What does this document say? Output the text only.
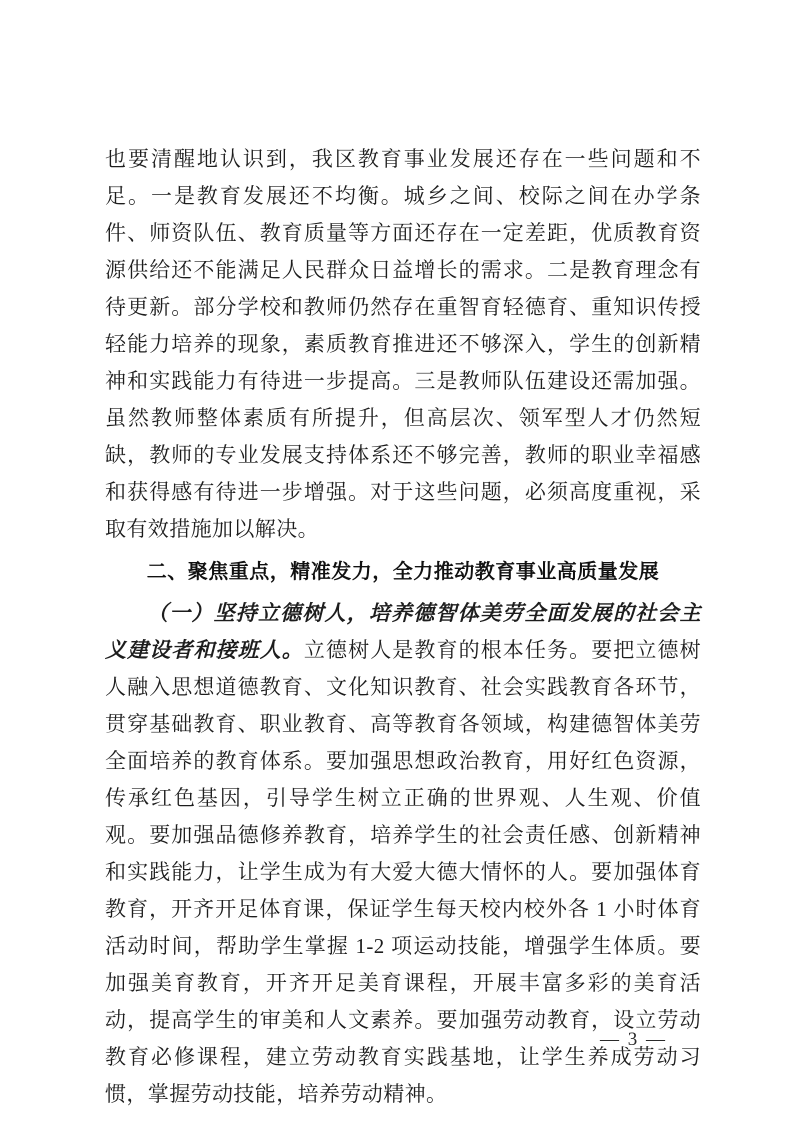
也要清醒地认识到，我区教育事业发展还存在一些问题和不足。一是教育发展还不均衡。城乡之间、校际之间在办学条件、师资队伍、教育质量等方面还存在一定差距，优质教育资源供给还不能满足人民群众日益增长的需求。二是教育理念有待更新。部分学校和教师仍然存在重智育轻德育、重知识传授轻能力培养的现象，素质教育推进还不够深入，学生的创新精神和实践能力有待进一步提高。三是教师队伍建设还需加强。虽然教师整体素质有所提升，但高层次、领军型人才仍然短缺，教师的专业发展支持体系还不够完善，教师的职业幸福感和获得感有待进一步增强。对于这些问题，必须高度重视，采取有效措施加以解决。

二、聚焦重点，精准发力，全力推动教育事业高质量发展

（一）坚持立德树人，培养德智体美劳全面发展的社会主义建设者和接班人。立德树人是教育的根本任务。要把立德树人融入思想道德教育、文化知识教育、社会实践教育各环节，贯穿基础教育、职业教育、高等教育各领域，构建德智体美劳全面培养的教育体系。要加强思想政治教育，用好红色资源，传承红色基因，引导学生树立正确的世界观、人生观、价值观。要加强品德修养教育，培养学生的社会责任感、创新精神和实践能力，让学生成为有大爱大德大情怀的人。要加强体育教育，开齐开足体育课，保证学生每天校内校外各 1 小时体育活动时间，帮助学生掌握 1-2 项运动技能，增强学生体质。要加强美育教育，开齐开足美育课程，开展丰富多彩的美育活动，提高学生的审美和人文素养。要加强劳动教育，设立劳动教育必修课程，建立劳动教育实践基地，让学生养成劳动习惯，掌握劳动技能，培养劳动精神。

— 3 —
